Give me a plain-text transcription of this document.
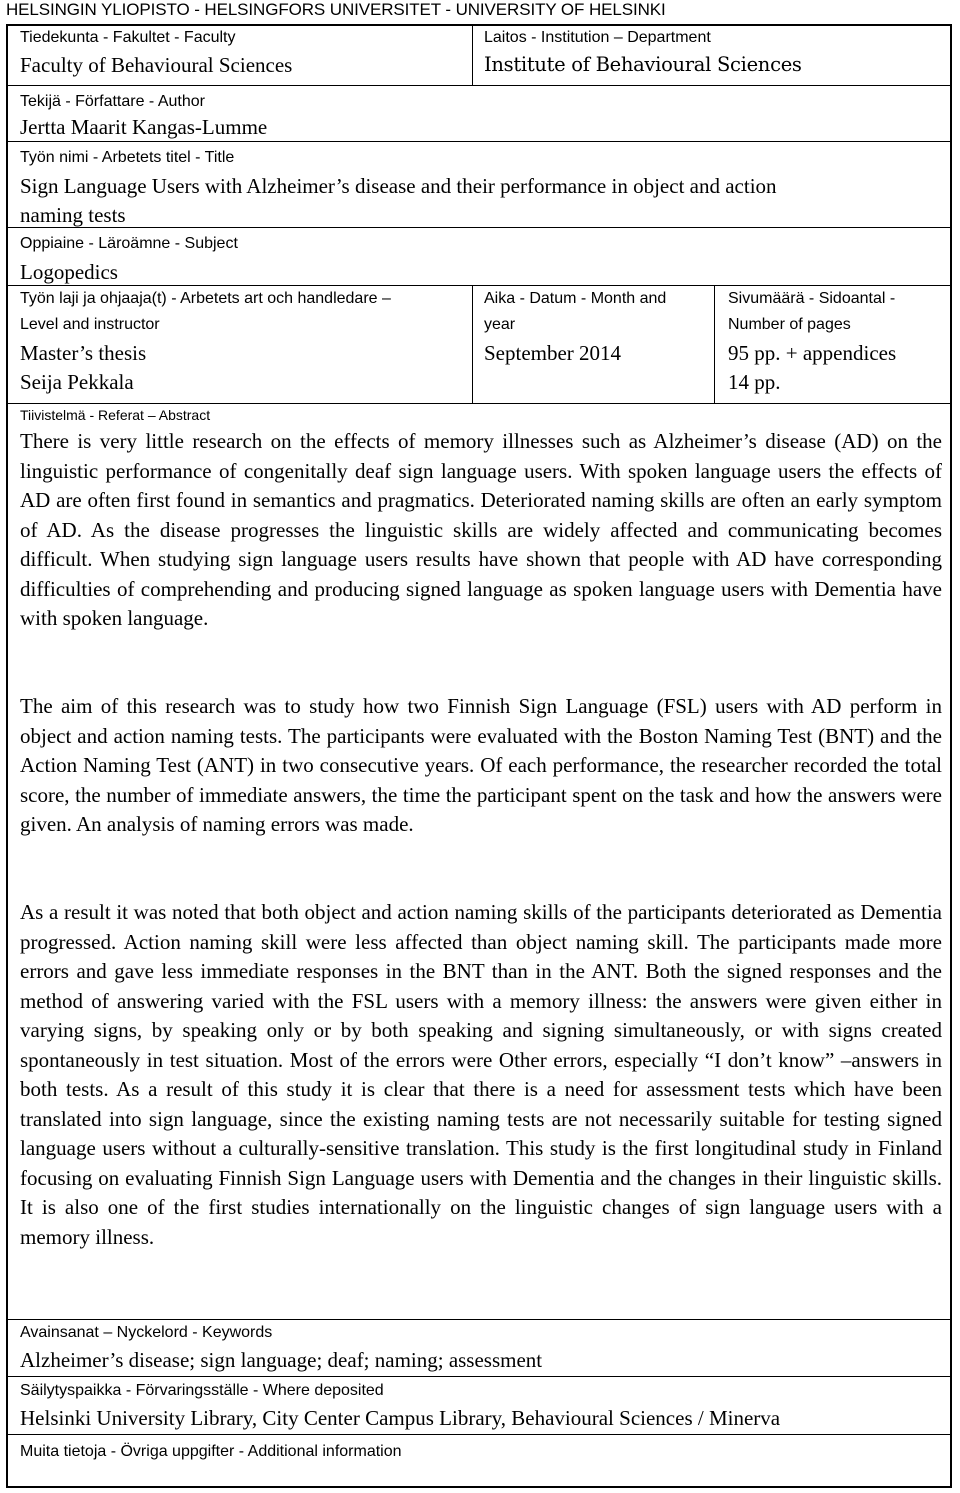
HELSINGIN YLIOPISTO - HELSINGFORS UNIVERSITET - UNIVERSITY OF HELSINKI
Tiedekunta - Fakultet - Faculty
Faculty of Behavioural Sciences
Laitos - Institution – Department
Institute of Behavioural Sciences
Tekijä - Författare - Author
Jertta Maarit Kangas-Lumme
Työn nimi - Arbetets titel - Title
Sign Language Users with Alzheimer’s disease and their performance in object and action
naming tests
Oppiaine - Läroämne - Subject
Logopedics
Työn laji ja ohjaaja(t) - Arbetets art och handledare –
Level and instructor
Master’s thesis
Seija Pekkala
Aika - Datum - Month and
year
September 2014
Sivumäärä - Sidoantal -
Number of pages
95 pp. + appendices
14 pp.
Tiivistelmä - Referat – Abstract
There is very little research on the effects of memory illnesses such as Alzheimer’s disease (AD) on the linguistic performance of congenitally deaf sign language users. With spoken language users the effects of AD are often first found in semantics and pragmatics. Deteriorated naming skills are often an early symptom of AD. As the disease progresses the linguistic skills are widely affected and communicating becomes difficult. When studying sign language users results have shown that people with AD have corresponding difficulties of comprehending and producing signed language as spoken language users with Dementia have with spoken language.
The aim of this research was to study how two Finnish Sign Language (FSL) users with AD perform in object and action naming tests. The participants were evaluated with the Boston Naming Test (BNT) and the Action Naming Test (ANT) in two consecutive years. Of each performance, the researcher recorded the total score, the number of immediate answers, the time the participant spent on the task and how the answers were given. An analysis of naming errors was made.
As a result it was noted that both object and action naming skills of the participants deteriorated as Dementia progressed. Action naming skill were less affected than object naming skill. The participants made more errors and gave less immediate responses in the BNT than in the ANT. Both the signed responses and the method of answering varied with the FSL users with a memory illness: the answers were given either in varying signs, by speaking only or by both speaking and signing simultaneously, or with signs created spontaneously in test situation. Most of the errors were Other errors, especially “I don’t know” –answers in both tests. As a result of this study it is clear that there is a need for assessment tests which have been translated into sign language, since the existing naming tests are not necessarily suitable for testing signed language users without a culturally-sensitive translation. This study is the first longitudinal study in Finland focusing on evaluating Finnish Sign Language users with Dementia and the changes in their linguistic skills. It is also one of the first studies internationally on the linguistic changes of sign language users with a memory illness.
Avainsanat – Nyckelord - Keywords
Alzheimer’s disease; sign language; deaf; naming; assessment
Säilytyspaikka - Förvaringsställe - Where deposited
Helsinki University Library, City Center Campus Library, Behavioural Sciences / Minerva
Muita tietoja - Övriga uppgifter - Additional information
